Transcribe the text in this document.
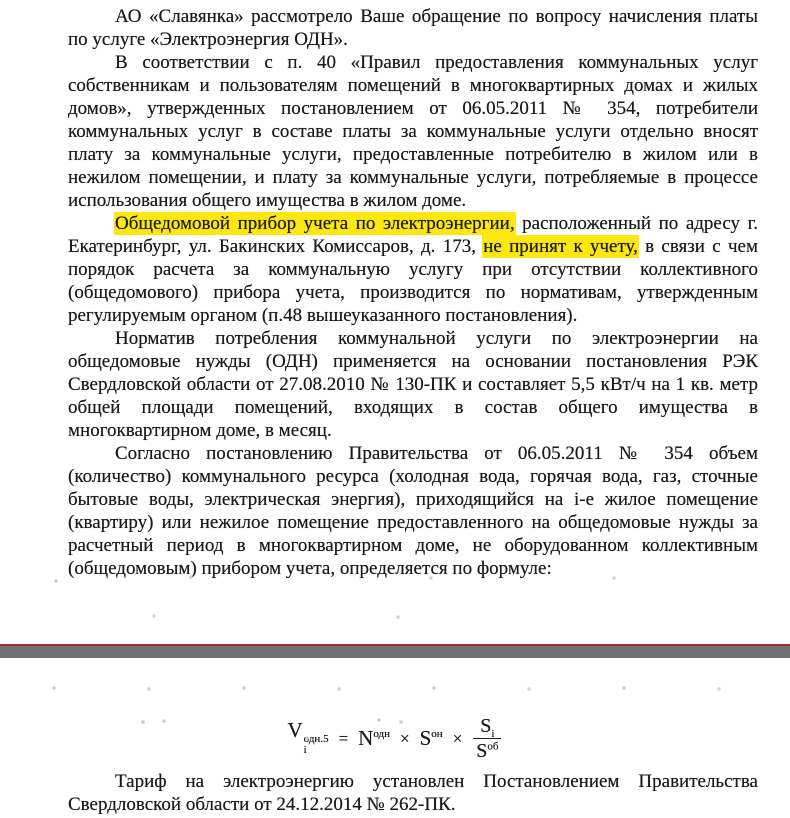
АО «Славянка» рассмотрело Ваше обращение по вопросу начисления платы по услуге «Электроэнергия ОДН».

В соответствии с п. 40 «Правил предоставления коммунальных услуг собственникам и пользователям помещений в многоквартирных домах и жилых домов», утвержденных постановлением от 06.05.2011 № 354, потребители коммунальных услуг в составе платы за коммунальные услуги отдельно вносят плату за коммунальные услуги, предоставленные потребителю в жилом или в нежилом помещении, и плату за коммунальные услуги, потребляемые в процессе использования общего имущества в жилом доме.

Общедомовой прибор учета по электроэнергии, расположенный по адресу г. Екатеринбург, ул. Бакинских Комиссаров, д. 173, не принят к учету, в связи с чем порядок расчета за коммунальную услугу при отсутствии коллективного (общедомового) прибора учета, производится по нормативам, утвержденным регулируемым органом (п.48 вышеуказанного постановления).

Норматив потребления коммунальной услуги по электроэнергии на общедомовые нужды (ОДН) применяется на основании постановления РЭК Свердловской области от 27.08.2010 № 130-ПК и составляет 5,5 кВт/ч на 1 кв. метр общей площади помещений, входящих в состав общего имущества в многоквартирном доме, в месяц.

Согласно постановлению Правительства от 06.05.2011 № 354 объем (количество) коммунального ресурса (холодная вода, горячая вода, газ, сточные бытовые воды, электрическая энергия), приходящийся на i-е жилое помещение (квартиру) или нежилое помещение предоставленного на общедомовые нужды за расчетный период в многоквартирном доме, не оборудованном коллективным (общедомовым) прибором учета, определяется по формуле:

V одн.5
i
= $N^{одн} \times S^{он} \times \frac{S_i}{S^{об}}$

Тариф на электроэнергию установлен Постановлением Правительства Свердловской области от 24.12.2014 № 262-ПК.
